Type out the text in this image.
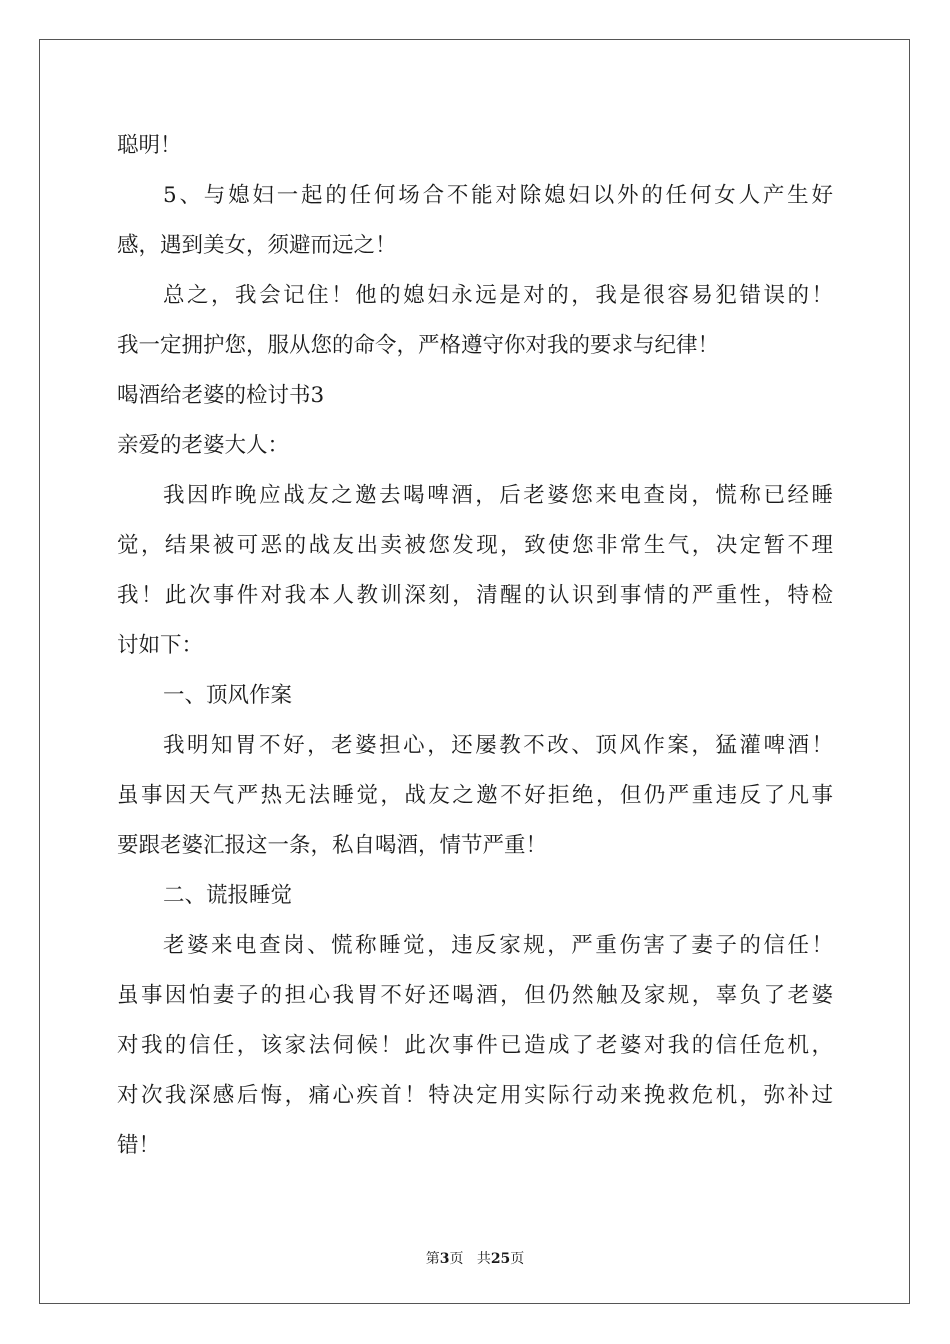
聪明！
5、与媳妇一起的任何场合不能对除媳妇以外的任何女人产生好
感，遇到美女，须避而远之！
总之，我会记住！他的媳妇永远是对的，我是很容易犯错误的！
我一定拥护您，服从您的命令，严格遵守你对我的要求与纪律！
喝酒给老婆的检讨书3
亲爱的老婆大人：
我因昨晚应战友之邀去喝啤酒，后老婆您来电查岗，慌称已经睡
觉，结果被可恶的战友出卖被您发现，致使您非常生气，决定暂不理
我！此次事件对我本人教训深刻，清醒的认识到事情的严重性，特检
讨如下：
一、顶风作案
我明知胃不好，老婆担心，还屡教不改、顶风作案，猛灌啤酒！
虽事因天气严热无法睡觉，战友之邀不好拒绝，但仍严重违反了凡事
要跟老婆汇报这一条，私自喝酒，情节严重！
二、谎报睡觉
老婆来电查岗、慌称睡觉，违反家规，严重伤害了妻子的信任！
虽事因怕妻子的担心我胃不好还喝酒，但仍然触及家规，辜负了老婆
对我的信任，该家法伺候！此次事件已造成了老婆对我的信任危机，
对次我深感后悔，痛心疾首！特决定用实际行动来挽救危机，弥补过
错！
第3页 共25页
